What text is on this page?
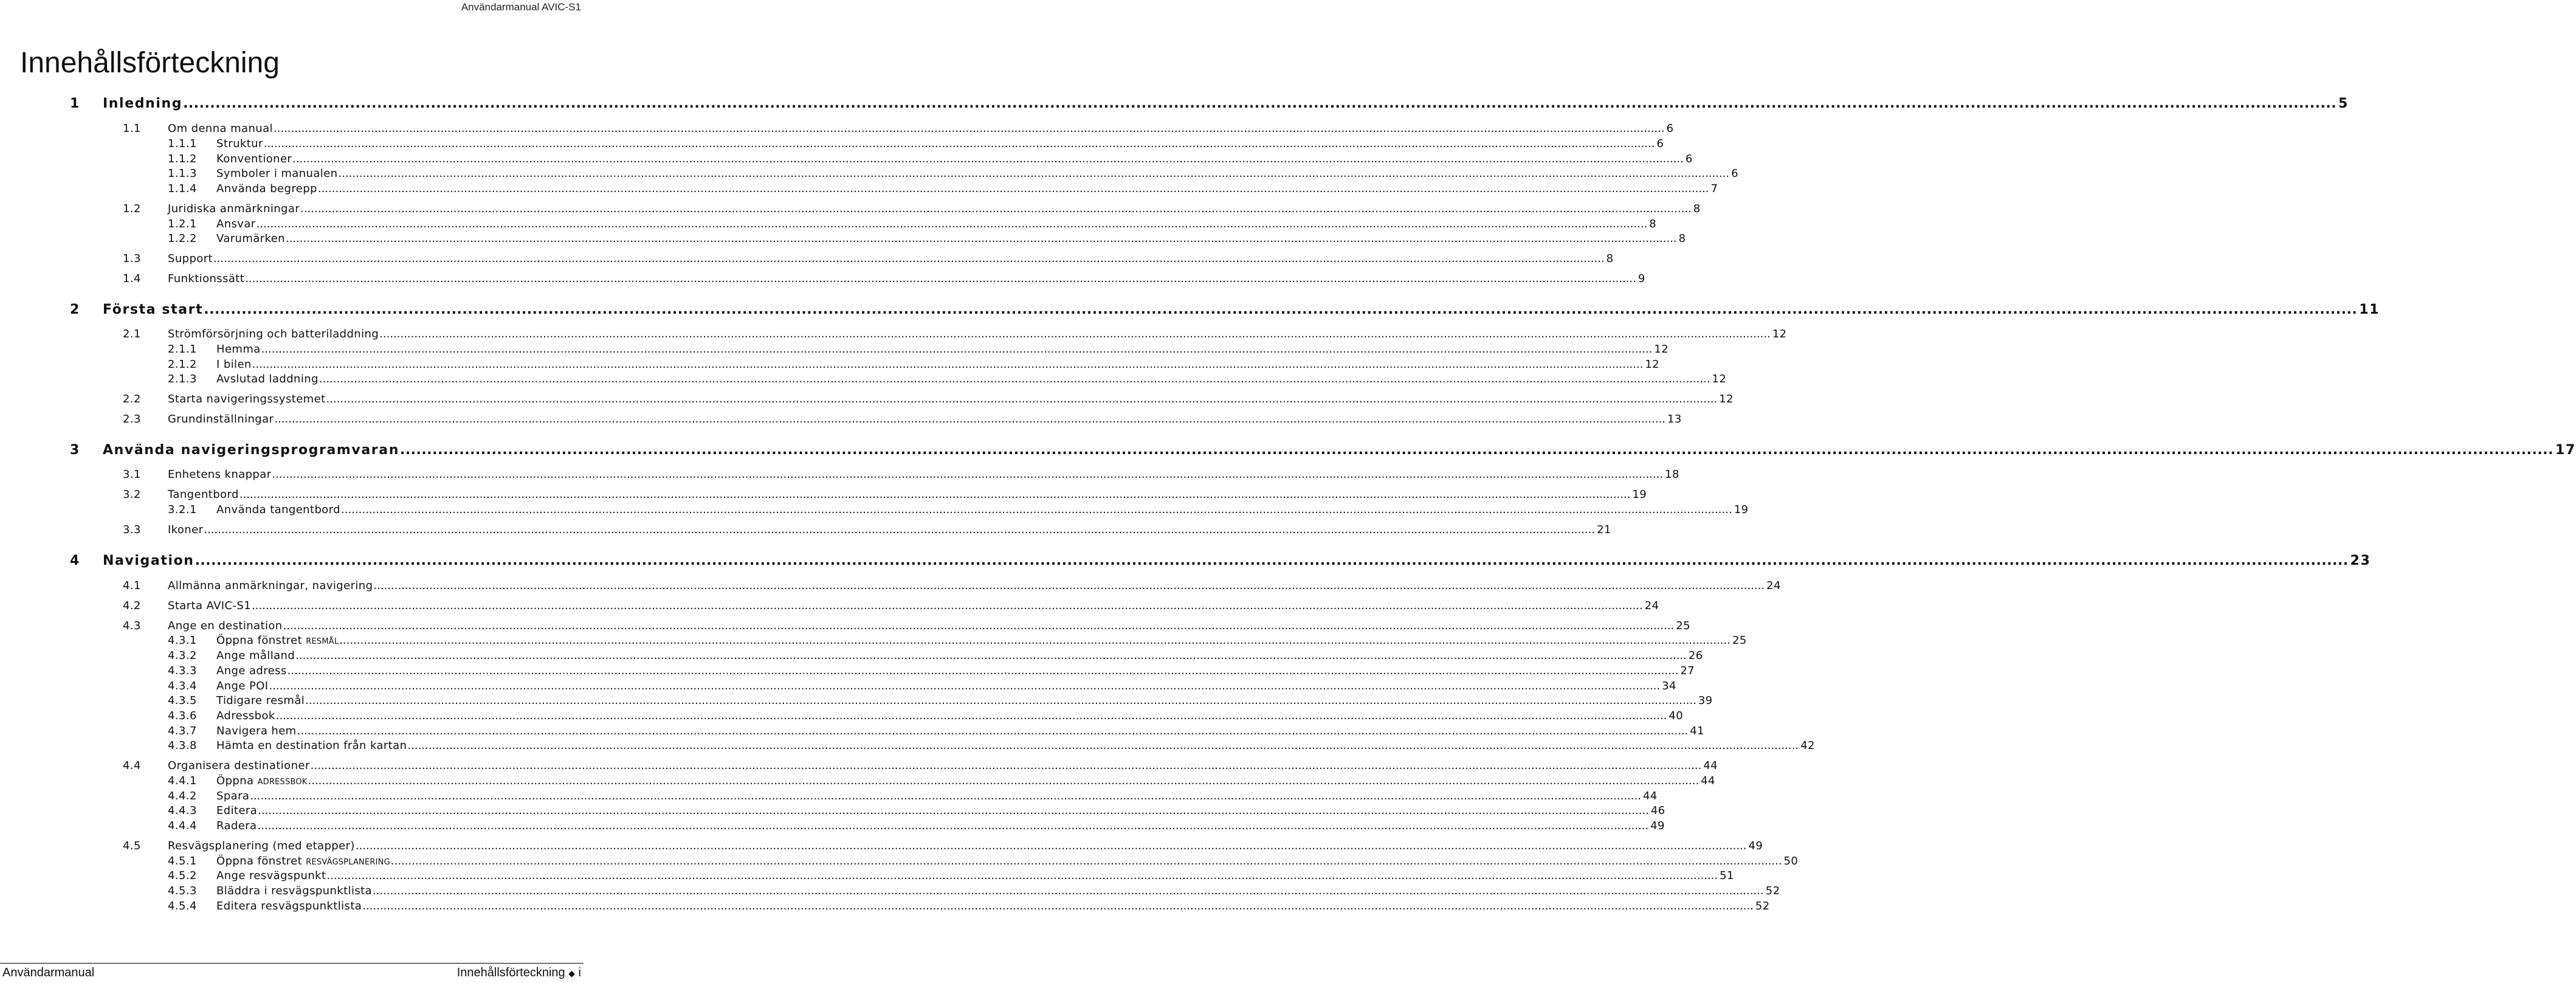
Användarmanual AVIC-S1
Innehållsförteckning
1	Inledning ................................................................................................................................................................................................................................................................................................................................................................................................................ 5
1.1	Om denna manual ................................................................................................................................................................................................................................................................................................................................................................................................................ 6
1.1.1	Struktur ................................................................................................................................................................................................................................................................................................................................................................................................................ 6
1.1.2	Konventioner ................................................................................................................................................................................................................................................................................................................................................................................................................ 6
1.1.3	Symboler i manualen ................................................................................................................................................................................................................................................................................................................................................................................................................ 6
1.1.4	Använda begrepp ................................................................................................................................................................................................................................................................................................................................................................................................................ 7
1.2	Juridiska anmärkningar ................................................................................................................................................................................................................................................................................................................................................................................................................ 8
1.2.1	Ansvar ................................................................................................................................................................................................................................................................................................................................................................................................................ 8
1.2.2	Varumärken ................................................................................................................................................................................................................................................................................................................................................................................................................ 8
1.3	Support ................................................................................................................................................................................................................................................................................................................................................................................................................ 8
1.4	Funktionssätt ................................................................................................................................................................................................................................................................................................................................................................................................................ 9
2	Första start ................................................................................................................................................................................................................................................................................................................................................................................................................ 11
2.1	Strömförsörjning och batteriladdning ................................................................................................................................................................................................................................................................................................................................................................................................................ 12
2.1.1	Hemma ................................................................................................................................................................................................................................................................................................................................................................................................................ 12
2.1.2	I bilen ................................................................................................................................................................................................................................................................................................................................................................................................................ 12
2.1.3	Avslutad laddning ................................................................................................................................................................................................................................................................................................................................................................................................................ 12
2.2	Starta navigeringssystemet ................................................................................................................................................................................................................................................................................................................................................................................................................ 12
2.3	Grundinställningar ................................................................................................................................................................................................................................................................................................................................................................................................................ 13
3	Använda navigeringsprogramvaran ................................................................................................................................................................................................................................................................................................................................................................................................................ 17
3.1	Enhetens knappar ................................................................................................................................................................................................................................................................................................................................................................................................................ 18
3.2	Tangentbord ................................................................................................................................................................................................................................................................................................................................................................................................................ 19
3.2.1	Använda tangentbord ................................................................................................................................................................................................................................................................................................................................................................................................................ 19
3.3	Ikoner ................................................................................................................................................................................................................................................................................................................................................................................................................ 21
4	Navigation ................................................................................................................................................................................................................................................................................................................................................................................................................ 23
4.1	Allmänna anmärkningar, navigering ................................................................................................................................................................................................................................................................................................................................................................................................................ 24
4.2	Starta AVIC-S1 ................................................................................................................................................................................................................................................................................................................................................................................................................ 24
4.3	Ange en destination ................................................................................................................................................................................................................................................................................................................................................................................................................ 25
4.3.1	Öppna fönstret RESMÅL ................................................................................................................................................................................................................................................................................................................................................................................................................ 25
4.3.2	Ange målland ................................................................................................................................................................................................................................................................................................................................................................................................................ 26
4.3.3	Ange adress ................................................................................................................................................................................................................................................................................................................................................................................................................ 27
4.3.4	Ange POI ................................................................................................................................................................................................................................................................................................................................................................................................................ 34
4.3.5	Tidigare resmål ................................................................................................................................................................................................................................................................................................................................................................................................................ 39
4.3.6	Adressbok ................................................................................................................................................................................................................................................................................................................................................................................................................ 40
4.3.7	Navigera hem ................................................................................................................................................................................................................................................................................................................................................................................................................ 41
4.3.8	Hämta en destination från kartan ................................................................................................................................................................................................................................................................................................................................................................................................................ 42
4.4	Organisera destinationer ................................................................................................................................................................................................................................................................................................................................................................................................................ 44
4.4.1	Öppna ADRESSBOK ................................................................................................................................................................................................................................................................................................................................................................................................................ 44
4.4.2	Spara ................................................................................................................................................................................................................................................................................................................................................................................................................ 44
4.4.3	Editera ................................................................................................................................................................................................................................................................................................................................................................................................................ 46
4.4.4	Radera ................................................................................................................................................................................................................................................................................................................................................................................................................ 49
4.5	Resvägsplanering (med etapper) ................................................................................................................................................................................................................................................................................................................................................................................................................ 49
4.5.1	Öppna fönstret RESVÄGSPLANERING ................................................................................................................................................................................................................................................................................................................................................................................................................ 50
4.5.2	Ange resvägspunkt ................................................................................................................................................................................................................................................................................................................................................................................................................ 51
4.5.3	Bläddra i resvägspunktlista ................................................................................................................................................................................................................................................................................................................................................................................................................ 52
4.5.4	Editera resvägspunktlista ................................................................................................................................................................................................................................................................................................................................................................................................................ 52
Användarmanual	Innehållsförteckning ◆ i
